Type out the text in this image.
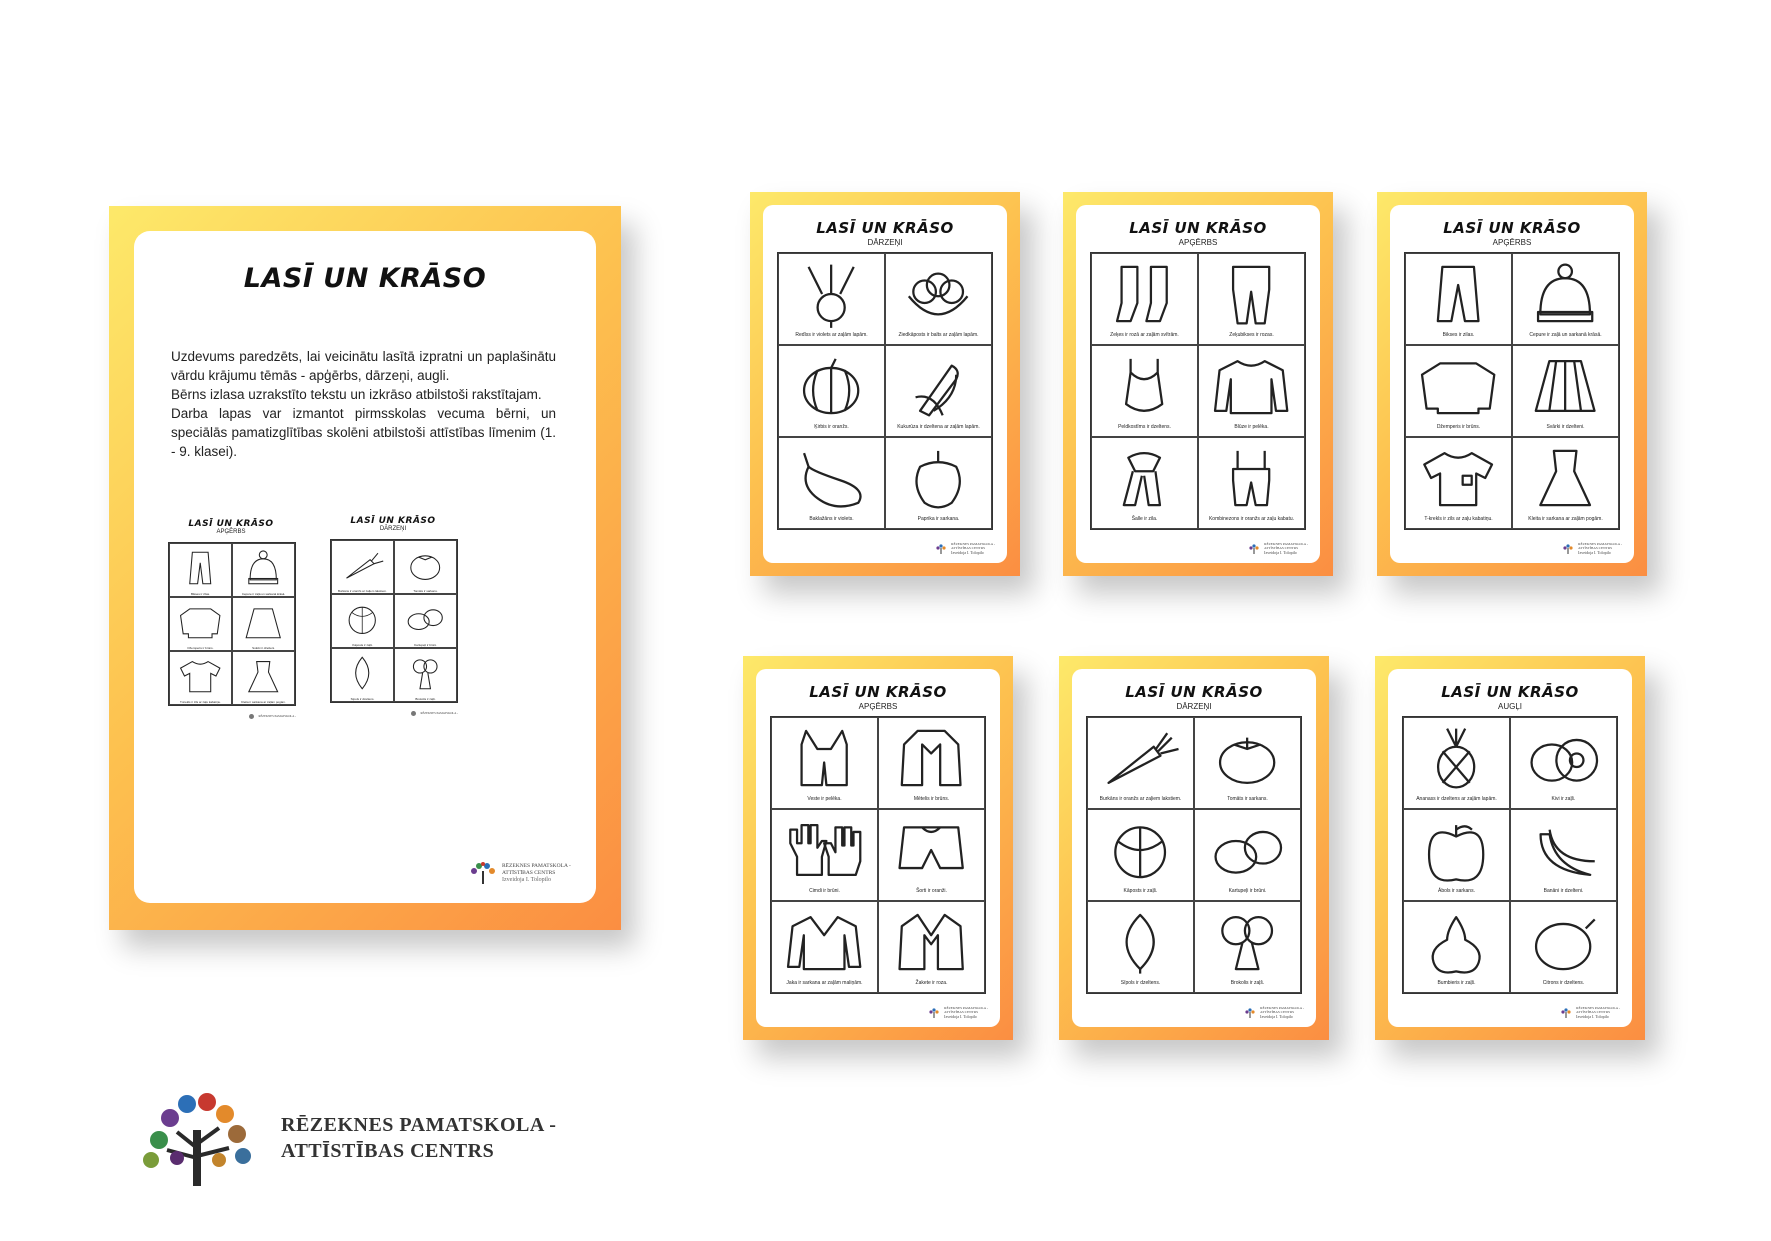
LASĪ UN KRĀSO

Uzdevums paredzēts, lai veicinātu lasītā izpratni un paplašinātu vārdu krājumu tēmās - apģērbs, dārzeņi, augli.

Bērns izlasa uzrakstīto tekstu un izkrāso atbilstoši rakstītajam.

Darba lapas var izmantot pirmsskolas vecuma bērni, un speciālās pamatizglītības skolēni atbilstoši attīstības līmenim (1. - 9. klasei).

LASĪ UN KRĀSO
APĢĒRBS
Bikses ir zilas.	Cepure ir zaļā un sarkanā krāsā.
Džemperis ir brūns.	Svārki ir dzelteni.
T-krekls ir zils ar zaļu kabatiņu.	Kleita ir sarkana ar zaļām pogām.
RĒZEKNES PAMATSKOLA -
LASĪ UN KRĀSO
DĀRZEŅI
Burkāns ir oranžs ar zaļiem lakstiem.	Tomāts ir sarkans.
Kāposts ir zaļš.	Kartupeļi ir brūni.
Sīpols ir dzeltens.	Brokolis ir zaļš.
RĒZEKNES PAMATSKOLA -
RĒZEKNES PAMATSKOLA -
ATTĪSTĪBAS CENTRS
Izveidoja I. Tolopilo
LASĪ UN KRĀSO
DĀRZEŅI
Redīss ir violets ar zaļām lapām.	Ziedkāposts ir balts ar zaļām lapām.
Ķirbis ir oranžs.	Kukurūza ir dzeltena ar zaļām lapām.
Baklažāns ir violets.	Paprika ir sarkana.
RĒZEKNES PAMATSKOLA -
ATTĪSTĪBAS CENTRS
Izveidoja I. Tolopilo
LASĪ UN KRĀSO
APĢĒRBS
Zeķes ir rozā ar zaļām svītrām.	Zeķubikses ir rozas.
Peldkostīms ir dzeltens.	Blūze ir pelēka.
Šalle ir zila.	Kombinezons ir oranžs ar zaļu kabatu.
RĒZEKNES PAMATSKOLA -
ATTĪSTĪBAS CENTRS
Izveidoja I. Tolopilo
LASĪ UN KRĀSO
APĢĒRBS
Bikses ir zilas.	Cepure ir zaļā un sarkanā krāsā.
Džemperis ir brūns.	Svārki ir dzelteni.
T-krekls ir zils ar zaļu kabatiņu.	Kleita ir sarkana ar zaļām pogām.
RĒZEKNES PAMATSKOLA -
ATTĪSTĪBAS CENTRS
Izveidoja I. Tolopilo
LASĪ UN KRĀSO
APĢĒRBS
Veste ir pelēka.	Mētelis ir brūns.
Cimdi ir brūni.	Šorti ir oranži.
Jaka ir sarkana ar zaļām maliņām.	Žakete ir roza.
RĒZEKNES PAMATSKOLA -
ATTĪSTĪBAS CENTRS
Izveidoja I. Tolopilo
LASĪ UN KRĀSO
DĀRZEŅI
Burkāns ir oranžs ar zaļiem lakstiem.	Tomāts ir sarkans.
Kāposts ir zaļš.	Kartupeļi ir brūni.
Sīpols ir dzeltens.	Brokolis ir zaļš.
RĒZEKNES PAMATSKOLA -
ATTĪSTĪBAS CENTRS
Izveidoja I. Tolopilo
LASĪ UN KRĀSO
AUGĻI
Ananass ir dzeltens ar zaļām lapām.	Kivi ir zaļš.
Ābols ir sarkans.	Banāni ir dzelteni.
Bumbieris ir zaļš.	Citrons ir dzeltens.
RĒZEKNES PAMATSKOLA -
ATTĪSTĪBAS CENTRS
Izveidoja I. Tolopilo
RĒZEKNES PAMATSKOLA -
ATTĪSTĪBAS CENTRS
